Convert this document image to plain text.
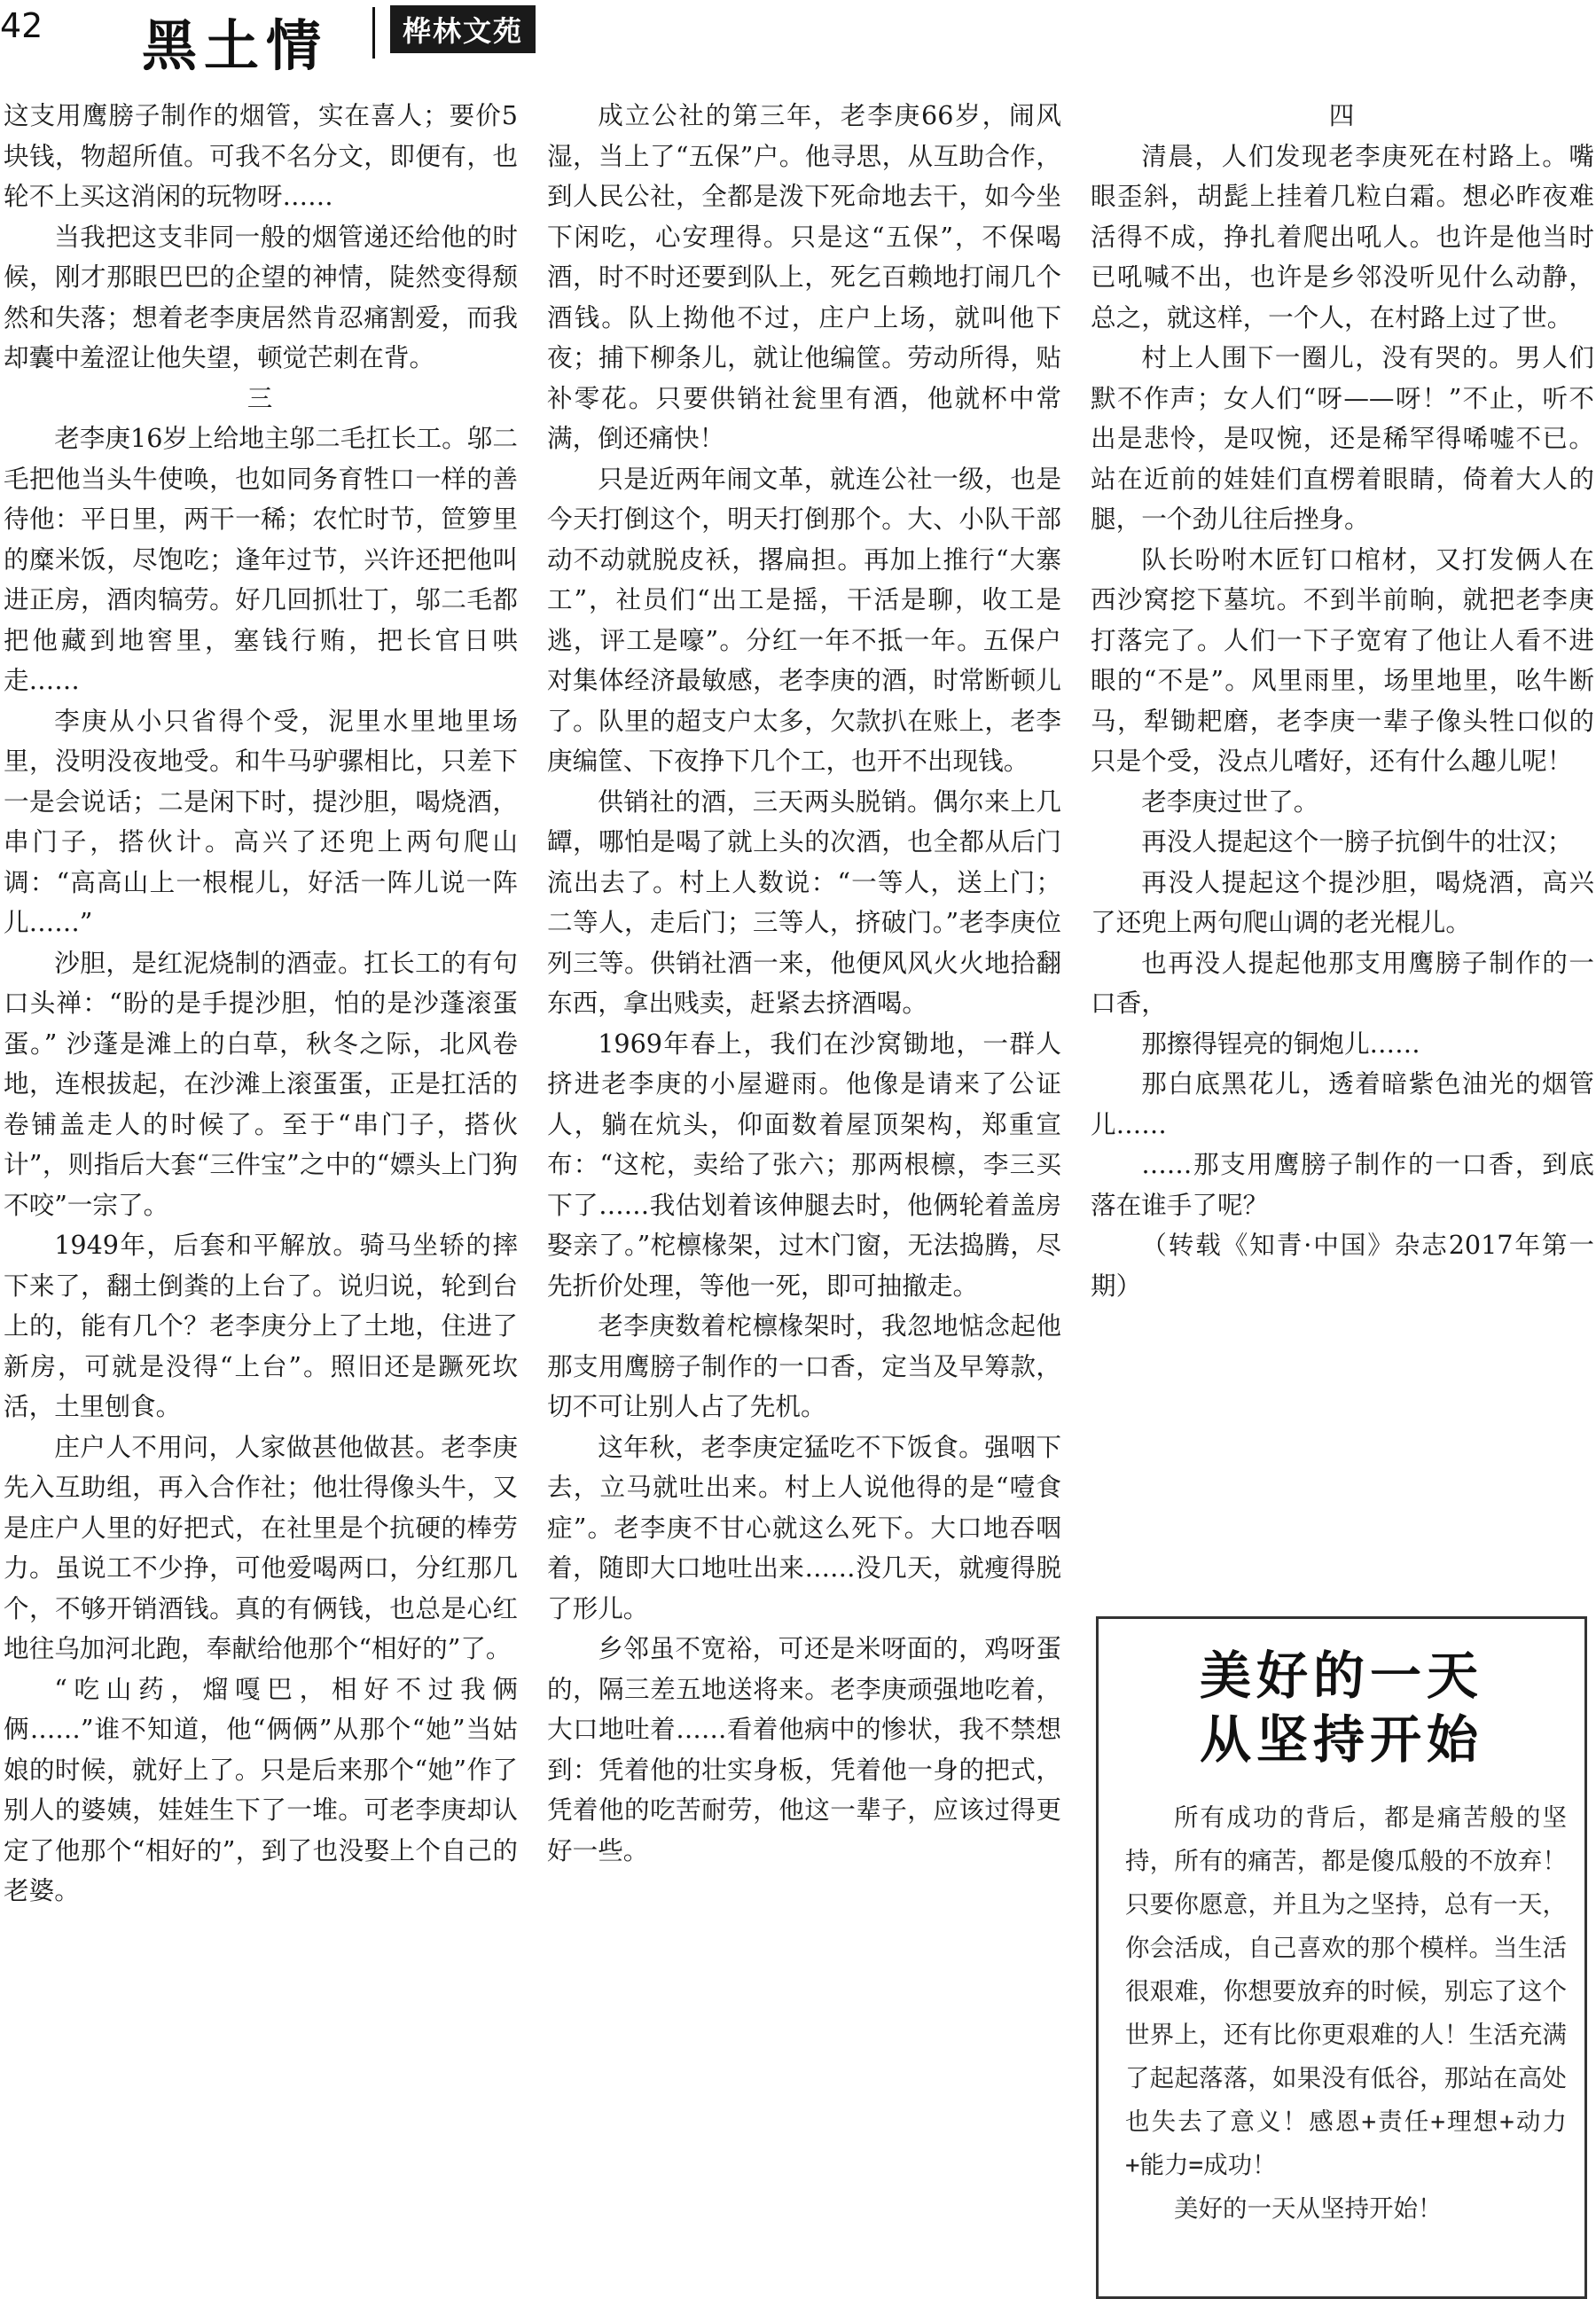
42 黑土情	桦林文苑

这支用鹰膀子制作的烟管，实在喜人；要价5块钱，物超所值。可我不名分文，即便有，也轮不上买这消闲的玩物呀……

当我把这支非同一般的烟管递还给他的时候，刚才那眼巴巴的企望的神情，陡然变得颓然和失落；想着老李庚居然肯忍痛割爱，而我却囊中羞涩让他失望，顿觉芒刺在背。

三

老李庚16岁上给地主邬二毛扛长工。邬二毛把他当头牛使唤，也如同务育牲口一样的善待他：平日里，两干一稀；农忙时节，笸箩里的糜米饭，尽饱吃；逢年过节，兴许还把他叫进正房，酒肉犒劳。好几回抓壮丁，邬二毛都把他藏到地窖里，塞钱行贿，把长官日哄走……

李庚从小只省得个受，泥里水里地里场里，没明没夜地受。和牛马驴骡相比，只差下一是会说话；二是闲下时，提沙胆，喝烧酒，串门子，搭伙计。高兴了还兜上两句爬山调：“高高山上一根棍儿，好活一阵儿说一阵儿……”

沙胆，是红泥烧制的酒壶。扛长工的有句口头禅：“盼的是手提沙胆，怕的是沙蓬滚蛋蛋。” 沙蓬是滩上的白草，秋冬之际，北风卷地，连根拔起，在沙滩上滚蛋蛋，正是扛活的卷铺盖走人的时候了。至于“串门子，搭伙计”，则指后大套“三件宝”之中的“嫖头上门狗不咬”一宗了。

1949年，后套和平解放。骑马坐轿的摔下来了，翻土倒粪的上台了。说归说，轮到台上的，能有几个？老李庚分上了土地，住进了新房，可就是没得“上台”。照旧还是蹶死坎活，土里刨食。

庄户人不用问，人家做甚他做甚。老李庚先入互助组，再入合作社；他壮得像头牛，又是庄户人里的好把式，在社里是个抗硬的棒劳力。虽说工不少挣，可他爱喝两口，分红那几个，不够开销酒钱。真的有俩钱，也总是心红地往乌加河北跑，奉献给他那个“相好的”了。

“吃山药，熘嘎巴，相好不过我俩俩……”谁不知道，他“俩俩”从那个“她”当姑娘的时候，就好上了。只是后来那个“她”作了别人的婆姨，娃娃生下了一堆。可老李庚却认定了他那个“相好的”，到了也没娶上个自己的老婆。

成立公社的第三年，老李庚66岁，闹风湿，当上了“五保”户。他寻思，从互助合作，到人民公社，全都是泼下死命地去干，如今坐下闲吃，心安理得。只是这“五保”，不保喝酒，时不时还要到队上，死乞百赖地打闹几个酒钱。队上拗他不过，庄户上场，就叫他下夜；捕下柳条儿，就让他编筐。劳动所得，贴补零花。只要供销社瓮里有酒，他就杯中常满，倒还痛快！

只是近两年闹文革，就连公社一级，也是今天打倒这个，明天打倒那个。大、小队干部动不动就脱皮袄，撂扁担。再加上推行“大寨工”，社员们“出工是摇，干活是聊，收工是逃，评工是嚎”。分红一年不抵一年。五保户对集体经济最敏感，老李庚的酒，时常断顿儿了。队里的超支户太多，欠款扒在账上，老李庚编筐、下夜挣下几个工，也开不出现钱。

供销社的酒，三天两头脱销。偶尔来上几罈，哪怕是喝了就上头的次酒，也全都从后门流出去了。村上人数说：“一等人，送上门；二等人，走后门；三等人，挤破门。”老李庚位列三等。供销社酒一来，他便风风火火地拾翻东西，拿出贱卖，赶紧去挤酒喝。

1969年春上，我们在沙窝锄地，一群人挤进老李庚的小屋避雨。他像是请来了公证人，躺在炕头，仰面数着屋顶架构，郑重宣布：“这柁，卖给了张六；那两根檩，李三买下了……我估划着该伸腿去时，他俩轮着盖房娶亲了。”柁檩椽架，过木门窗，无法捣腾，尽先折价处理，等他一死，即可抽撤走。

老李庚数着柁檩椽架时，我忽地惦念起他那支用鹰膀子制作的一口香，定当及早筹款，切不可让别人占了先机。

这年秋，老李庚定猛吃不下饭食。强咽下去，立马就吐出来。村上人说他得的是“噎食症”。老李庚不甘心就这么死下。大口地吞咽着，随即大口地吐出来……没几天，就瘦得脱了形儿。

乡邻虽不宽裕，可还是米呀面的，鸡呀蛋的，隔三差五地送将来。老李庚顽强地吃着，大口地吐着……看着他病中的惨状，我不禁想到：凭着他的壮实身板，凭着他一身的把式，凭着他的吃苦耐劳，他这一辈子，应该过得更好一些。

四

清晨，人们发现老李庚死在村路上。嘴眼歪斜，胡髭上挂着几粒白霜。想必昨夜难活得不成，挣扎着爬出吼人。也许是他当时已吼喊不出，也许是乡邻没听见什么动静，总之，就这样，一个人，在村路上过了世。

村上人围下一圈儿，没有哭的。男人们默不作声；女人们“呀——呀！”不止，听不出是悲怜，是叹惋，还是稀罕得唏嘘不已。站在近前的娃娃们直楞着眼睛，倚着大人的腿，一个劲儿往后挫身。

队长吩咐木匠钉口棺材，又打发俩人在西沙窝挖下墓坑。不到半前晌，就把老李庚打落完了。人们一下子宽宥了他让人看不进眼的“不是”。风里雨里，场里地里，吆牛断马，犁锄耙磨，老李庚一辈子像头牲口似的只是个受，没点儿嗜好，还有什么趣儿呢！

老李庚过世了。

再没人提起这个一膀子抗倒牛的壮汉；

再没人提起这个提沙胆，喝烧酒，高兴了还兜上两句爬山调的老光棍儿。

也再没人提起他那支用鹰膀子制作的一口香，

那擦得锃亮的铜炮儿……

那白底黑花儿，透着暗紫色油光的烟管儿……

……那支用鹰膀子制作的一口香，到底落在谁手了呢？

（转载《知青·中国》杂志2017年第一期）

美好的一天
从坚持开始

所有成功的背后，都是痛苦般的坚持，所有的痛苦，都是傻瓜般的不放弃！只要你愿意，并且为之坚持，总有一天，你会活成，自己喜欢的那个模样。当生活很艰难，你想要放弃的时候，别忘了这个世界上，还有比你更艰难的人！生活充满了起起落落，如果没有低谷，那站在高处也失去了意义！感恩+责任+理想+动力+能力=成功！

美好的一天从坚持开始！
